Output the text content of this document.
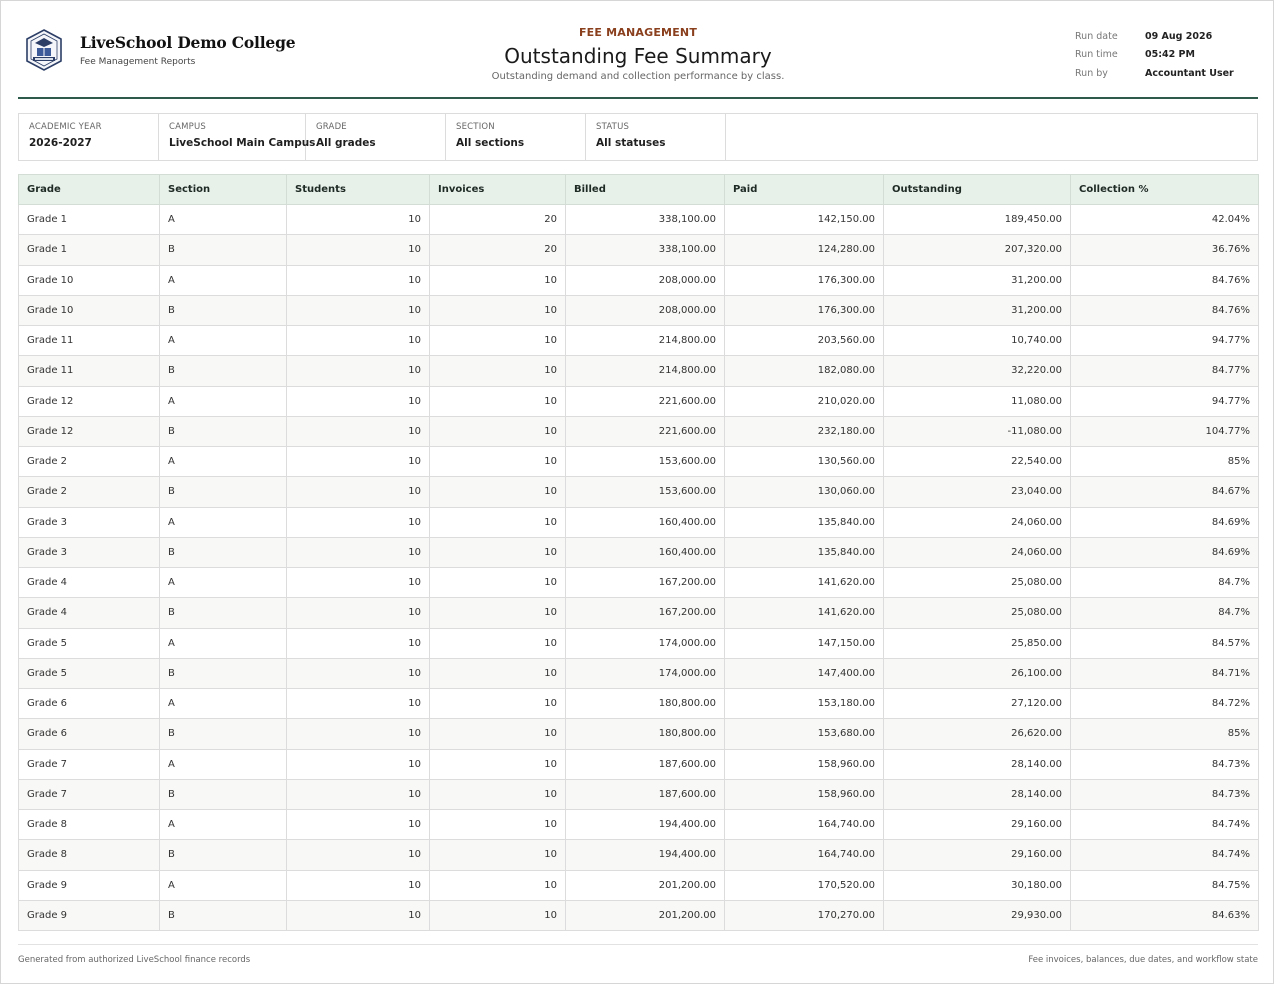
LiveSchool Demo College
Fee Management Reports
FEE MANAGEMENT
Outstanding Fee Summary
Outstanding demand and collection performance by class.
Run date	09 Aug 2026
Run time	05:42 PM
Run by	Accountant User
ACADEMIC YEAR
2026-2027
CAMPUS
LiveSchool Main Campus
GRADE
All grades
SECTION
All sections
STATUS
All statuses
Grade	Section	Students	Invoices	Billed	Paid	Outstanding	Collection %
Grade 1	A	10	20	338,100.00	142,150.00	189,450.00	42.04%
Grade 1	B	10	20	338,100.00	124,280.00	207,320.00	36.76%
Grade 10	A	10	10	208,000.00	176,300.00	31,200.00	84.76%
Grade 10	B	10	10	208,000.00	176,300.00	31,200.00	84.76%
Grade 11	A	10	10	214,800.00	203,560.00	10,740.00	94.77%
Grade 11	B	10	10	214,800.00	182,080.00	32,220.00	84.77%
Grade 12	A	10	10	221,600.00	210,020.00	11,080.00	94.77%
Grade 12	B	10	10	221,600.00	232,180.00	-11,080.00	104.77%
Grade 2	A	10	10	153,600.00	130,560.00	22,540.00	85%
Grade 2	B	10	10	153,600.00	130,060.00	23,040.00	84.67%
Grade 3	A	10	10	160,400.00	135,840.00	24,060.00	84.69%
Grade 3	B	10	10	160,400.00	135,840.00	24,060.00	84.69%
Grade 4	A	10	10	167,200.00	141,620.00	25,080.00	84.7%
Grade 4	B	10	10	167,200.00	141,620.00	25,080.00	84.7%
Grade 5	A	10	10	174,000.00	147,150.00	25,850.00	84.57%
Grade 5	B	10	10	174,000.00	147,400.00	26,100.00	84.71%
Grade 6	A	10	10	180,800.00	153,180.00	27,120.00	84.72%
Grade 6	B	10	10	180,800.00	153,680.00	26,620.00	85%
Grade 7	A	10	10	187,600.00	158,960.00	28,140.00	84.73%
Grade 7	B	10	10	187,600.00	158,960.00	28,140.00	84.73%
Grade 8	A	10	10	194,400.00	164,740.00	29,160.00	84.74%
Grade 8	B	10	10	194,400.00	164,740.00	29,160.00	84.74%
Grade 9	A	10	10	201,200.00	170,520.00	30,180.00	84.75%
Grade 9	B	10	10	201,200.00	170,270.00	29,930.00	84.63%
Generated from authorized LiveSchool finance records	Fee invoices, balances, due dates, and workflow state
